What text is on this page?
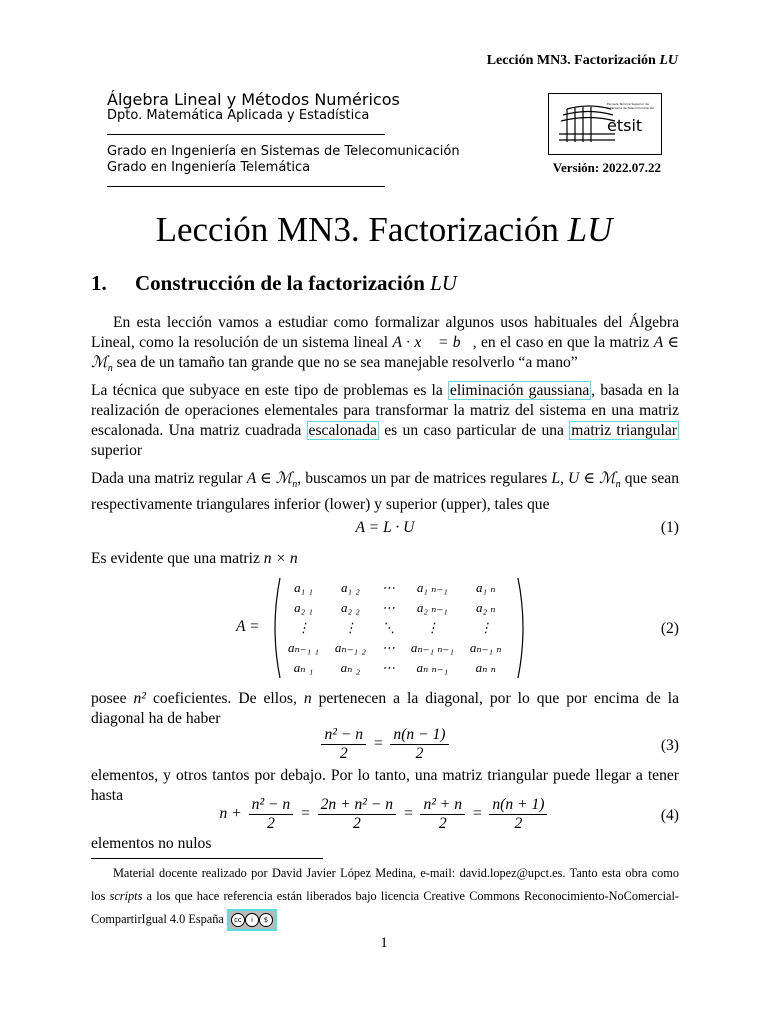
Lección MN3. Factorización LU
Álgebra Lineal y Métodos Numéricos
Dpto. Matemática Aplicada y Estadística
Grado en Ingeniería en Sistemas de Telecomunicación
Grado en Ingeniería Telemática
etsit
Escuela Técnica Superior de Ingeniería de Telecomunicación
Versión: 2022.07.22
Lección MN3. Factorización LU
1. Construcción de la factorización LU

En esta lección vamos a estudiar como formalizar algunos usos habituales del Álgebra Lineal, como la resolución de un sistema lineal A · x⃗ = b⃗, en el caso en que la matriz A ∈ ℳ$_n$ sea de un tamaño tan grande que no se sea manejable resolverlo “a mano”

La técnica que subyace en este tipo de problemas es la eliminación gaussiana , basada en la realización de operaciones elementales para transformar la matriz del sistema en una matriz escalonada. Una matriz cuadrada escalonada es un caso particular de una matriz triangular superior

Dada una matriz regular A ∈ ℳ$_n$, buscamos un par de matrices regulares L, U ∈ ℳ$_n$ que sean respectivamente triangulares inferior (lower) y superior (upper), tales que

A = L · U	(1)
Es evidente que una matriz n × n
A =
a₁ ₁	a₁ ₂	⋯	a₁ ₙ₋₁	a₁ ₙ
a₂ ₁	a₂ ₂	⋯	a₂ ₙ₋₁	a₂ ₙ
⋮	⋮	⋱	⋮	⋮
aₙ₋₁ ₁	aₙ₋₁ ₂	⋯	aₙ₋₁ ₙ₋₁	aₙ₋₁ ₙ
aₙ ₁	aₙ ₂	⋯	aₙ ₙ₋₁	aₙ ₙ
(2)

posee n² coeficientes. De ellos, n pertenecen a la diagonal, por lo que por encima de la diagonal ha de haber

$\frac{\text{n² − n}}{2} = \frac{n(n - 1)}{2}$	(3)

elementos, y otros tantos por debajo. Por lo tanto, una matriz triangular puede llegar a tener hasta

$n + \frac{\text{n² − n}}{2} = \frac{\text{2n + n² − n}}{2} = \frac{\text{n² + n}}{2} = \frac{n(n + 1)}{2}$	(4)

elementos no nulos

Material docente realizado por David Javier López Medina, e-mail: david.lopez@upct.es. Tanto esta obra como los scripts a los que hace referencia están liberados bajo licencia Creative Commons Reconocimiento-NoComercial-CompartirIgual 4.0 España	cc	i	$
1
